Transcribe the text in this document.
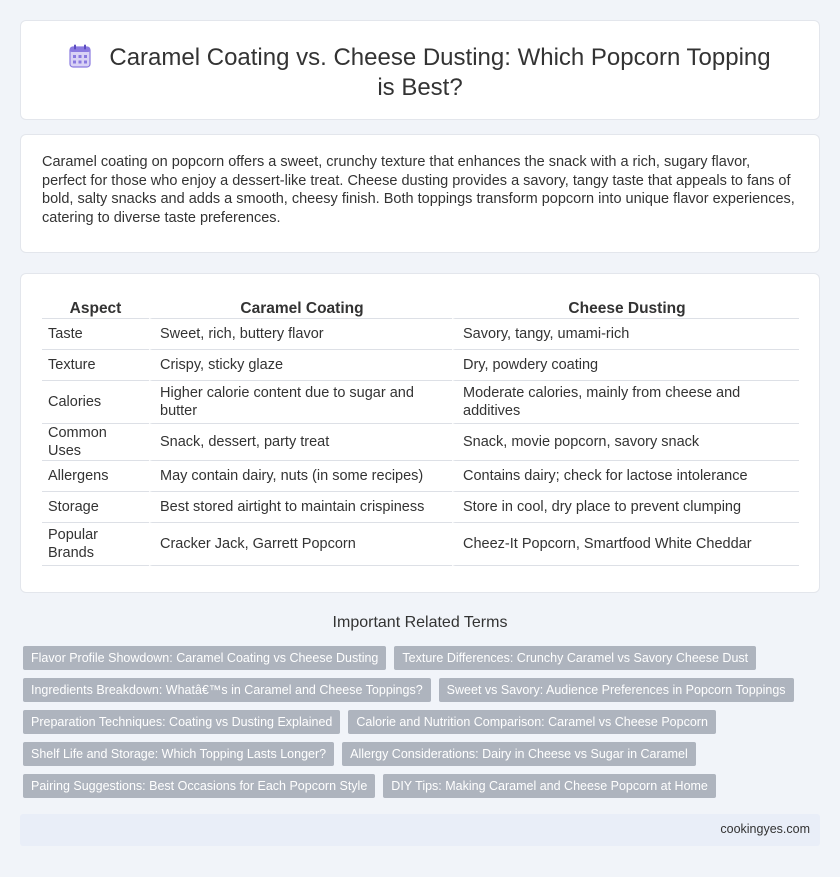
Caramel Coating vs. Cheese Dusting: Which Popcorn Topping is Best?

Caramel coating on popcorn offers a sweet, crunchy texture that enhances the snack with a rich, sugary flavor, perfect for those who enjoy a dessert-like treat. Cheese dusting provides a savory, tangy taste that appeals to fans of bold, salty snacks and adds a smooth, cheesy finish. Both toppings transform popcorn into unique flavor experiences, catering to diverse taste preferences.

Aspect	Caramel Coating	Cheese Dusting
Taste	Sweet, rich, buttery flavor	Savory, tangy, umami-rich
Texture	Crispy, sticky glaze	Dry, powdery coating
Calories	Higher calorie content due to sugar and butter	Moderate calories, mainly from cheese and additives
Common Uses	Snack, dessert, party treat	Snack, movie popcorn, savory snack
Allergens	May contain dairy, nuts (in some recipes)	Contains dairy; check for lactose intolerance
Storage	Best stored airtight to maintain crispiness	Store in cool, dry place to prevent clumping
Popular Brands	Cracker Jack, Garrett Popcorn	Cheez-It Popcorn, Smartfood White Cheddar
Important Related Terms
Flavor Profile Showdown: Caramel Coating vs Cheese Dusting	Texture Differences: Crunchy Caramel vs Savory Cheese Dust
Ingredients Breakdown: Whatâ€™s in Caramel and Cheese Toppings?	Sweet vs Savory: Audience Preferences in Popcorn Toppings
Preparation Techniques: Coating vs Dusting Explained	Calorie and Nutrition Comparison: Caramel vs Cheese Popcorn
Shelf Life and Storage: Which Topping Lasts Longer?	Allergy Considerations: Dairy in Cheese vs Sugar in Caramel
Pairing Suggestions: Best Occasions for Each Popcorn Style	DIY Tips: Making Caramel and Cheese Popcorn at Home
cookingyes.com
